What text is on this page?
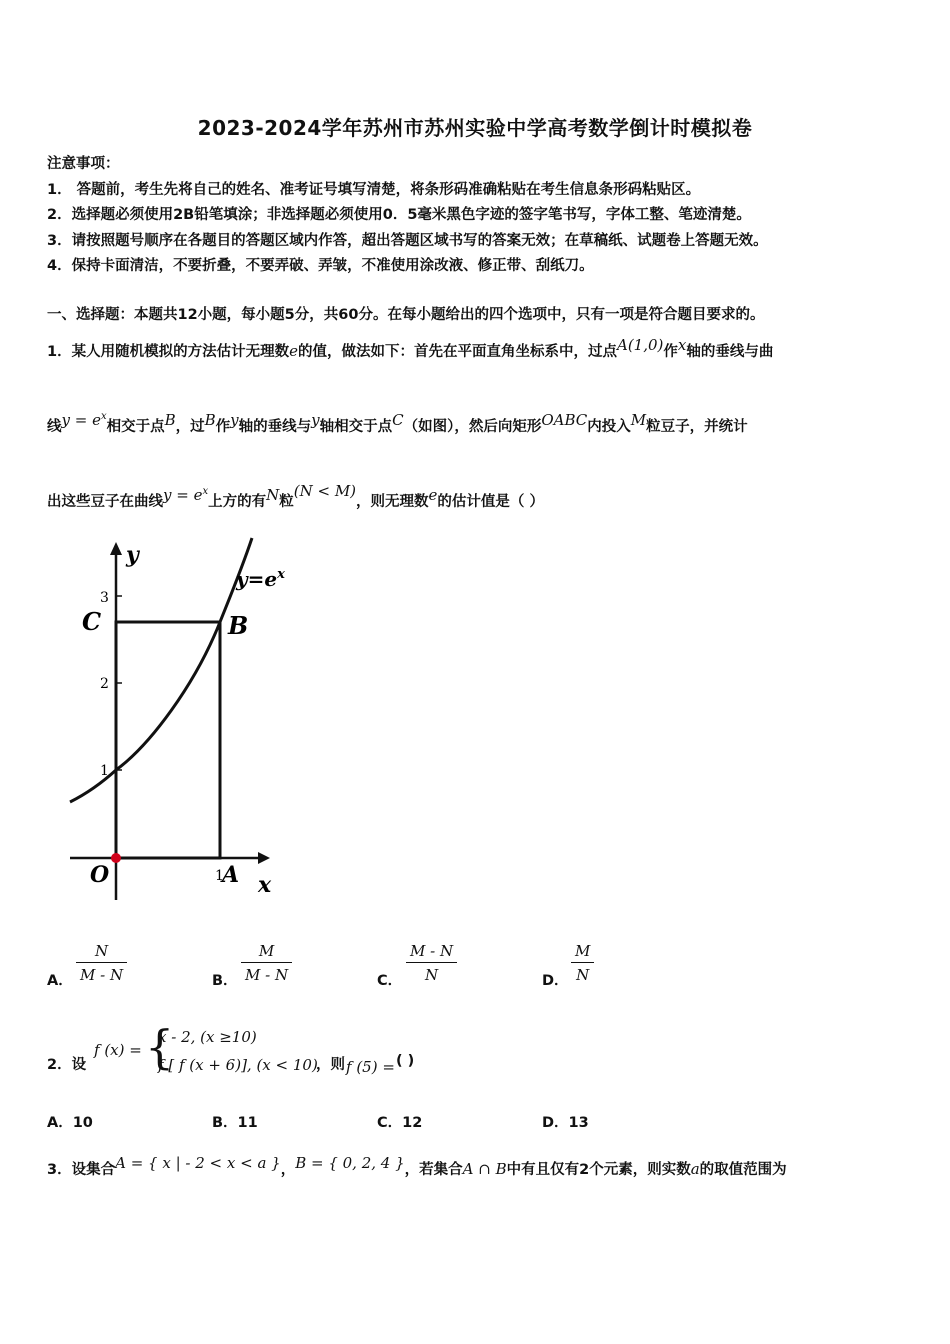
2023-2024学年苏州市苏州实验中学高考数学倒计时模拟卷
注意事项：
1． 答题前，考生先将自己的姓名、准考证号填写清楚，将条形码准确粘贴在考生信息条形码粘贴区。
2．选择题必须使用2B铅笔填涂；非选择题必须使用0．5毫米黑色字迹的签字笔书写，字体工整、笔迹清楚。
3．请按照题号顺序在各题目的答题区域内作答，超出答题区域书写的答案无效；在草稿纸、试题卷上答题无效。
4．保持卡面清洁，不要折叠，不要弄破、弄皱，不准使用涂改液、修正带、刮纸刀。
一、选择题：本题共12小题，每小题5分，共60分。在每小题给出的四个选项中，只有一项是符合题目要求的。
1．某人用随机模拟的方法估计无理数e的值，做法如下：首先在平面直角坐标系中，过点A(1,0)作x轴的垂线与曲
线$y = e^x$相交于点B，过B作y轴的垂线与y轴相交于点C（如图），然后向矩形OABC内投入M粒豆子，并统计
出这些豆子在曲线$y = e^x$上方的有N粒(N < M)，则无理数e的估计值是（ ）
y
3
2
1
C	B
$y=e^x$
O	1
A x
A． $\frac{N}{M - N}$	B． $\frac{M}{M - N}$	C． $\frac{M - N}{N}$	D． $\frac{M}{N}$
2．设
f (x) = {
x - 2, (x ≥10)
f [ f (x + 6)], (x < 10)
，则 f (5) = ( )
A．10	B．11	C．12	D．13
3．设集合A = { x | - 2 < x < a }，B = { 0, 2, 4 }，若集合A ∩ B中有且仅有2个元素，则实数a的取值范围为
